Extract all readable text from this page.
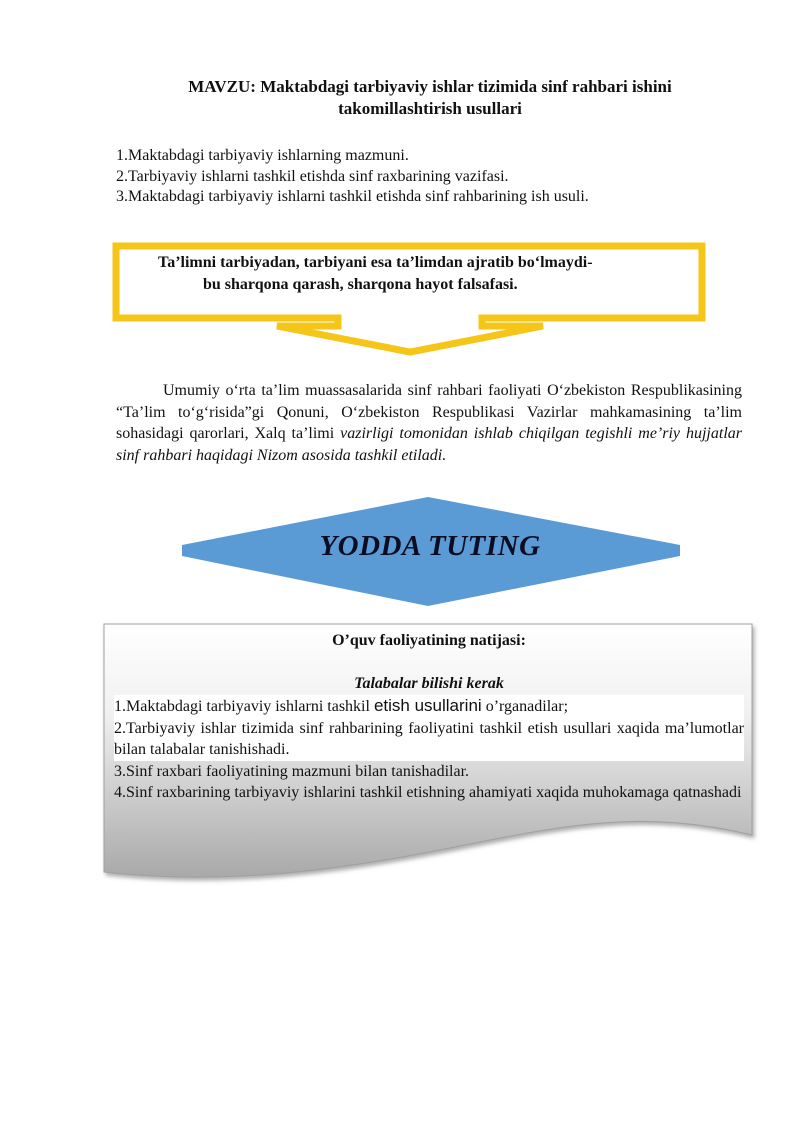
MAVZU: Maktabdagi tarbiyaviy ishlar tizimida sinf rahbari ishini
takomillashtirish usullari
1.Maktabdagi tarbiyaviy ishlarning mazmuni.
2.Tarbiyaviy ishlarni tashkil etishda sinf raxbarining vazifasi.
3.Maktabdagi tarbiyaviy ishlarni tashkil etishda sinf rahbarining ish usuli.
Ta’limni tarbiyadan, tarbiyani esa ta’limdan ajratib bo‘lmaydi-
bu sharqona qarash, sharqona hayot falsafasi.
Umumiy o‘rta ta’lim muassasalarida sinf rahbari faoliyati O‘zbekiston Respublikasining “Ta’lim to‘g‘risida”gi Qonuni, O‘zbekiston Respublikasi Vazirlar mahkamasining ta’lim sohasidagi qarorlari, Xalq ta’limi vazirligi tomonidan ishlab chiqilgan tegishli me’riy hujjatlar sinf rahbari haqidagi Nizom asosida tashkil etiladi.
YODDA TUTING
O’quv faoliyatining natijasi:
Talabalar bilishi kerak
1.Maktabdagi tarbiyaviy ishlarni tashkil etish usullarini o’rganadilar;
2.Tarbiyaviy ishlar tizimida sinf rahbarining faoliyatini tashkil etish usullari xaqida ma’lumotlar bilan talabalar tanishishadi.
3.Sinf raxbari faoliyatining mazmuni bilan tanishadilar.
4.Sinf raxbarining tarbiyaviy ishlarini tashkil etishning ahamiyati xaqida muhokamaga qatnashadi
